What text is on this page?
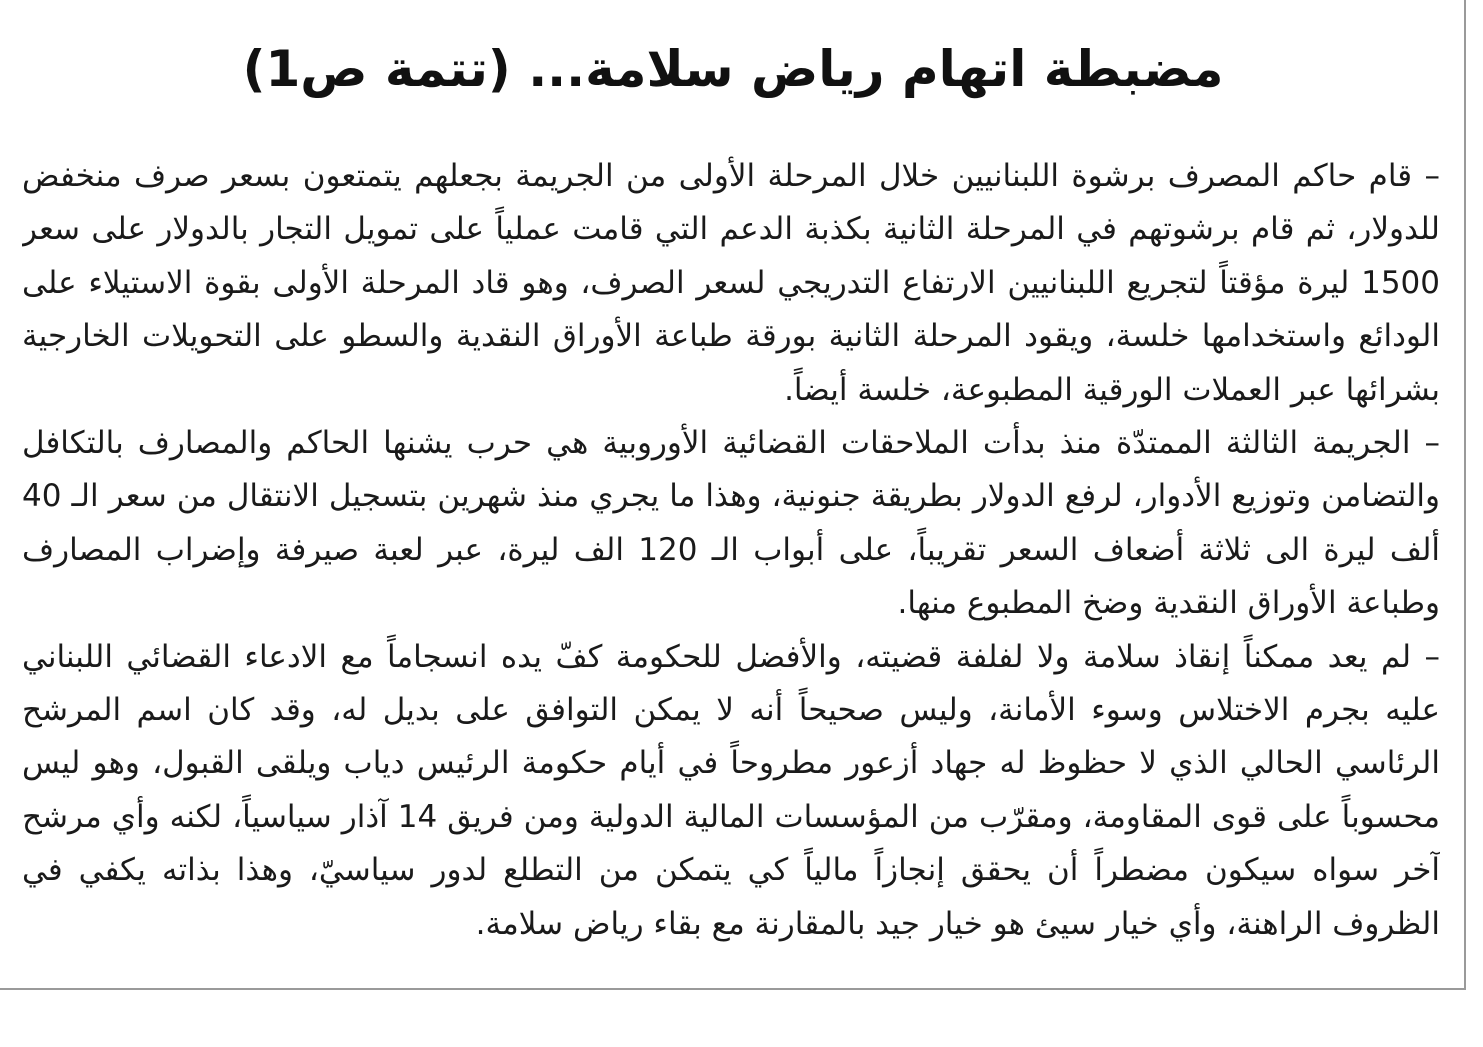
مضبطة اتهام رياض سلامة... (تتمة ص1)

– قام حاكم المصرف برشوة اللبنانيين خلال المرحلة الأولى من الجريمة بجعلهم يتمتعون بسعر صرف منخفض للدولار، ثم قام برشوتهم في المرحلة الثانية بكذبة الدعم التي قامت عملياً على تمويل التجار بالدولار على سعر 1500 ليرة مؤقتاً لتجريع اللبنانيين الارتفاع التدريجي لسعر الصرف، وهو قاد المرحلة الأولى بقوة الاستيلاء على الودائع واستخدامها خلسة، ويقود المرحلة الثانية بورقة طباعة الأوراق النقدية والسطو على التحويلات الخارجية بشرائها عبر العملات الورقية المطبوعة، خلسة أيضاً.

– الجريمة الثالثة الممتدّة منذ بدأت الملاحقات القضائية الأوروبية هي حرب يشنها الحاكم والمصارف بالتكافل والتضامن وتوزيع الأدوار، لرفع الدولار بطريقة جنونية، وهذا ما يجري منذ شهرين بتسجيل الانتقال من سعر الـ 40 ألف ليرة الى ثلاثة أضعاف السعر تقريباً، على أبواب الـ 120 الف ليرة، عبر لعبة صيرفة وإضراب المصارف وطباعة الأوراق النقدية وضخ المطبوع منها.

– لم يعد ممكناً إنقاذ سلامة ولا لفلفة قضيته، والأفضل للحكومة كفّ يده انسجاماً مع الادعاء القضائي اللبناني عليه بجرم الاختلاس وسوء الأمانة، وليس صحيحاً أنه لا يمكن التوافق على بديل له، وقد كان اسم المرشح الرئاسي الحالي الذي لا حظوظ له جهاد أزعور مطروحاً في أيام حكومة الرئيس دياب ويلقى القبول، وهو ليس محسوباً على قوى المقاومة، ومقرّب من المؤسسات المالية الدولية ومن فريق 14 آذار سياسياً، لكنه وأي مرشح آخر سواه سيكون مضطراً أن يحقق إنجازاً مالياً كي يتمكن من التطلع لدور سياسيّ، وهذا بذاته يكفي في الظروف الراهنة، وأي خيار سيئ هو خيار جيد بالمقارنة مع بقاء رياض سلامة.
